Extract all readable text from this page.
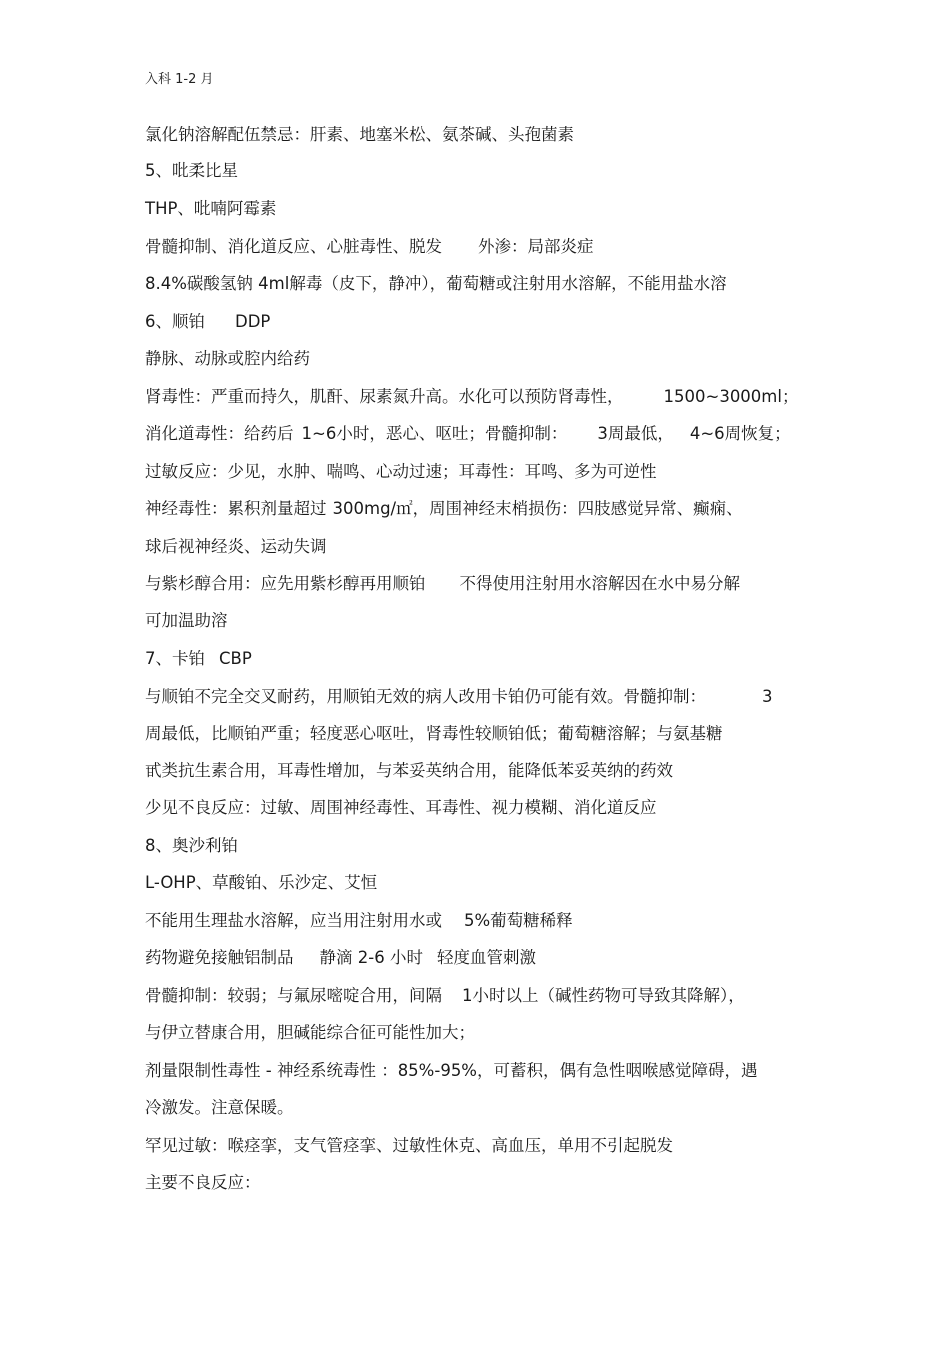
入科 1-2 月
氯化钠溶解配伍禁忌：肝素、地塞米松、氨茶碱、头孢菌素
5、吡柔比星
THP、吡喃阿霉素
骨髓抑制、消化道反应、心脏毒性、脱发 外渗：局部炎症
8.4%碳酸氢钠 4ml解毒（皮下，静冲），葡萄糖或注射用水溶解，不能用盐水溶
6、顺铂 DDP
静脉、动脉或腔内给药
肾毒性：严重而持久，肌酐、尿素氮升高。水化可以预防肾毒性， 1500~3000ml；
消化道毒性：给药后 1~6小时，恶心、呕吐；骨髓抑制： 3周最低， 4~6周恢复；
过敏反应：少见，水肿、喘鸣、心动过速；耳毒性：耳鸣、多为可逆性
神经毒性：累积剂量超过 300mg/㎡，周围神经末梢损伤：四肢感觉异常、癫痫、
球后视神经炎、运动失调
与紫杉醇合用：应先用紫杉醇再用顺铂 不得使用注射用水溶解因在水中易分解
可加温助溶
7、卡铂 CBP
与顺铂不完全交叉耐药，用顺铂无效的病人改用卡铂仍可能有效。骨髓抑制：	3
周最低，比顺铂严重；轻度恶心呕吐，肾毒性较顺铂低；葡萄糖溶解；与氨基糖
甙类抗生素合用，耳毒性增加，与苯妥英纳合用，能降低苯妥英纳的药效
少见不良反应：过敏、周围神经毒性、耳毒性、视力模糊、消化道反应
8、奥沙利铂
L-OHP、草酸铂、乐沙定、艾恒
不能用生理盐水溶解，应当用注射用水或 5%葡萄糖稀释
药物避免接触铝制品 静滴 2-6 小时 轻度血管刺激
骨髓抑制：较弱；与氟尿嘧啶合用，间隔 1小时以上（碱性药物可导致其降解），
与伊立替康合用，胆碱能综合征可能性加大；
剂量限制性毒性 - 神经系统毒性 ：85%-95%，可蓄积，偶有急性咽喉感觉障碍，遇
冷激发。注意保暖。
罕见过敏：喉痉挛，支气管痉挛、过敏性休克、高血压，单用不引起脱发
主要不良反应：
